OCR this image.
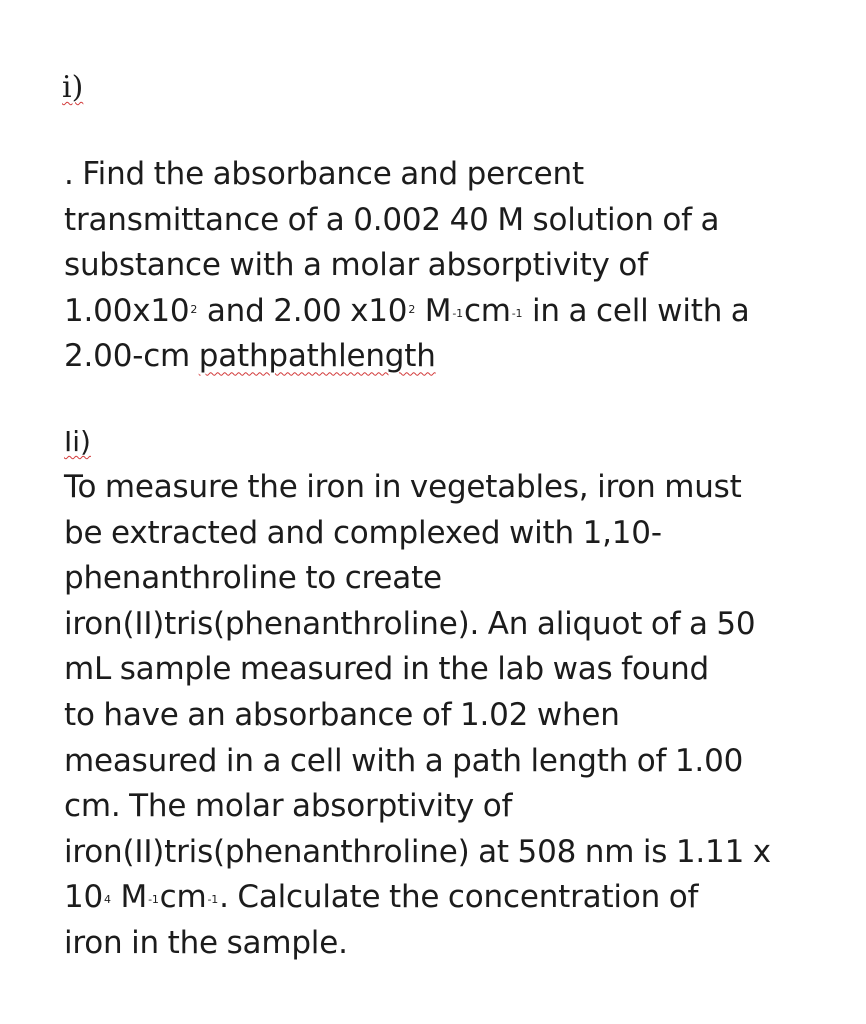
i)
. Find the absorbance and percent
transmittance of a 0.002 40 M solution of a
substance with a molar absorptivity of
$1.00x10^2$ and 2.00 $x10^2$ $M_{-1}cm_{-1}$ in a cell with a
2.00-cm pathpathlength
Ii)
To measure the iron in vegetables, iron must
be extracted and complexed with 1,10-
phenanthroline to create
iron(II)tris(phenanthroline). An aliquot of a 50
mL sample measured in the lab was found
to have an absorbance of 1.02 when
measured in a cell with a path length of 1.00
cm. The molar absorptivity of
iron(II)tris(phenanthroline) at 508 nm is 1.11 x
$10_4$ $M_{-1}cm_{-1}$. Calculate the concentration of
iron in the sample.
